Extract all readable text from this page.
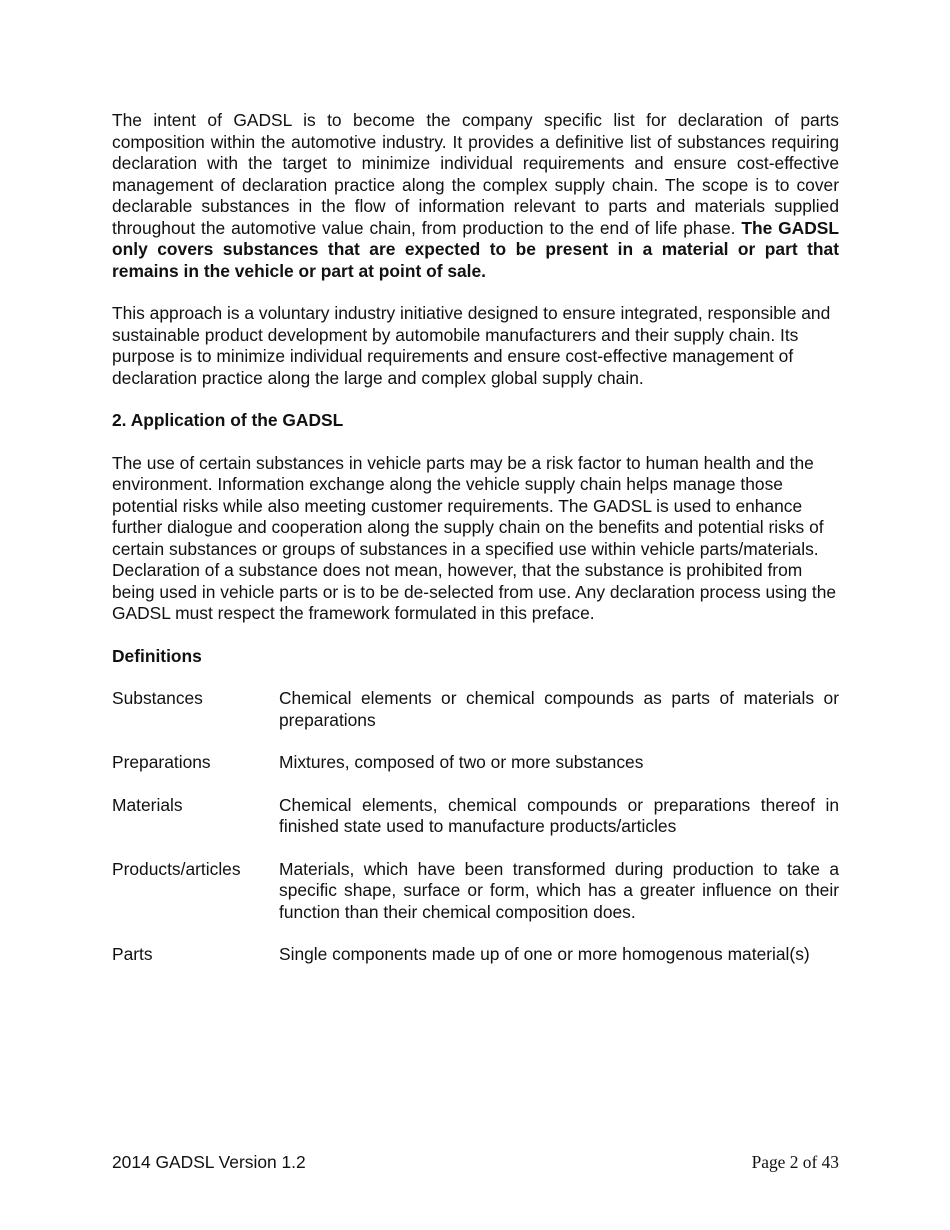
The intent of GADSL is to become the company specific list for declaration of parts composition within the automotive industry. It provides a definitive list of substances requiring declaration with the target to minimize individual requirements and ensure cost-effective management of declaration practice along the complex supply chain. The scope is to cover declarable substances in the flow of information relevant to parts and materials supplied throughout the automotive value chain, from production to the end of life phase. The GADSL only covers substances that are expected to be present in a material or part that remains in the vehicle or part at point of sale.

This approach is a voluntary industry initiative designed to ensure integrated, responsible and sustainable product development by automobile manufacturers and their supply chain. Its purpose is to minimize individual requirements and ensure cost-effective management of declaration practice along the large and complex global supply chain.

2. Application of the GADSL

The use of certain substances in vehicle parts may be a risk factor to human health and the environment. Information exchange along the vehicle supply chain helps manage those potential risks while also meeting customer requirements. The GADSL is used to enhance further dialogue and cooperation along the supply chain on the benefits and potential risks of certain substances or groups of substances in a specified use within vehicle parts/materials. Declaration of a substance does not mean, however, that the substance is prohibited from being used in vehicle parts or is to be de-selected from use. Any declaration process using the GADSL must respect the framework formulated in this preface.

Definitions

Substances	Chemical elements or chemical compounds as parts of materials or preparations
Preparations	Mixtures, composed of two or more substances
Materials	Chemical elements, chemical compounds or preparations thereof in finished state used to manufacture products/articles
Products/articles	Materials, which have been transformed during production to take a specific shape, surface or form, which has a greater influence on their function than their chemical composition does.
Parts	Single components made up of one or more homogenous material(s)
2014 GADSL Version 1.2	Page 2 of 43
